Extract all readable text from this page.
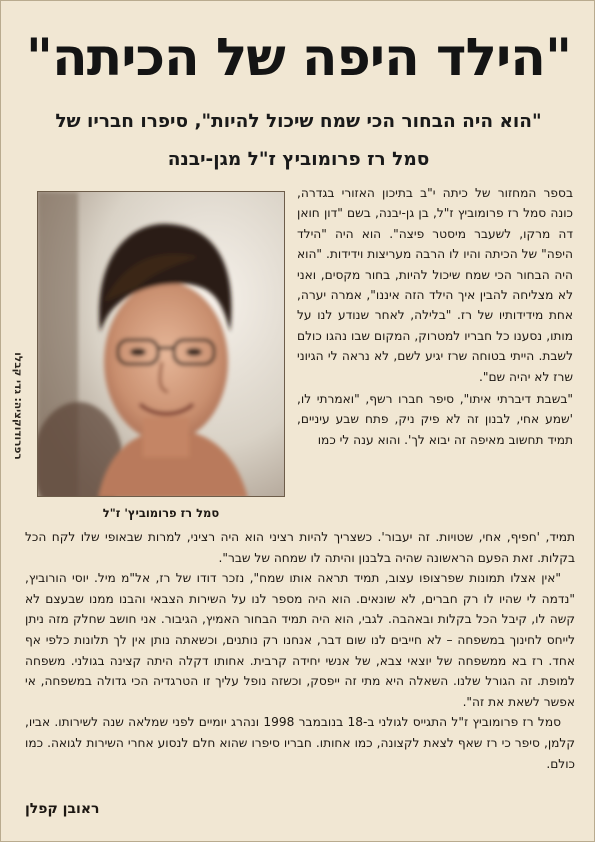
"הילד היפה של הכיתה"
"הוא היה הבחור הכי שמח שיכול להיות", סיפרו חבריו של
סמל רז פרומוביץ ז"ל מגן-יבנה

בספר המחזור של כיתה י"ב בתיכון האזורי בגדרה, כונה סמל רז פרומוביץ ז"ל, בן גן-יבנה, בשם "דון חואן דה מרקו, לשעבר מיסטר פיצה". הוא היה "הילד היפה" של הכיתה והיו לו הרבה מעריצות וידידות. "הוא היה הבחור הכי שמח שיכול להיות, בחור מקסים, ואני לא מצליחה להבין איך הילד הזה איננו", אמרה יערה, אחת מידידותיו של רז. "בלילה, לאחר שנודע לנו על מותו, נסענו כל חבריו למטרוק, המקום שבו נהגו כולם לשבת. הייתי בטוחה שרז יגיע לשם, לא נראה לי הגיוני שרז לא יהיה שם".

"בשבת דיברתי איתו", סיפר חברו רשף, "ואמרתי לו, 'שמע אחי, לבנון זה לא פיק ניק, פתח שבע עיניים, תמיד תחשוב מאיפה זה יבוא לך'. והוא ענה לי כמו

רפרודוקציה: גדי קבלו
סמל רז פרומוביץ' ז"ל

תמיד, 'חפיף, אחי, שטויות. זה יעבור'. כשצריך להיות רציני הוא היה רציני, למרות שבאופי שלו לקח הכל בקלות. זאת הפעם הראשונה שהיה בלבנון והיתה לו שמחה של שבר".

"אין אצלו תמונות שפרצופו עצוב, תמיד תראה אותו שמח", נזכר דודו של רז, אל"מ מיל. יוסי הורוביץ, "נדמה לי שהיו לו רק חברים, לא שונאים. הוא היה מספר לנו על השירות הצבאי והבנו ממנו שבעצם לא קשה לו, קיבל הכל בקלות ובאהבה. לגבי, הוא היה תמיד הבחור האמיץ, הגיבור. אני חושב שחלק מזה ניתן לייחס לחינוך במשפחה – לא חייבים לנו שום דבר, אנחנו רק נותנים, וכשאתה נותן אין לך תלונות כלפי אף אחד. רז בא ממשפחה של יוצאי צבא, של אנשי יחידה קרבית. אחותו דקלה היתה קצינה בגולני. משפחה למופת. זה הגורל שלנו. השאלה היא מתי זה ייפסק, וכשזה נופל עליך זו הטרגדיה הכי גדולה במשפחה, אי אפשר לשאת את זה".

סמל רז פרומוביץ ז"ל התגייס לגולני ב-18 בנובמבר 1998 ונהרג יומיים לפני שמלאה שנה לשירותו. אביו, קלמן, סיפר כי רז שאף לצאת לקצונה, כמו אחותו. חבריו סיפרו שהוא חלם לנסוע אחרי השירות לגואה. כמו כולם.

ראובן קפלן
